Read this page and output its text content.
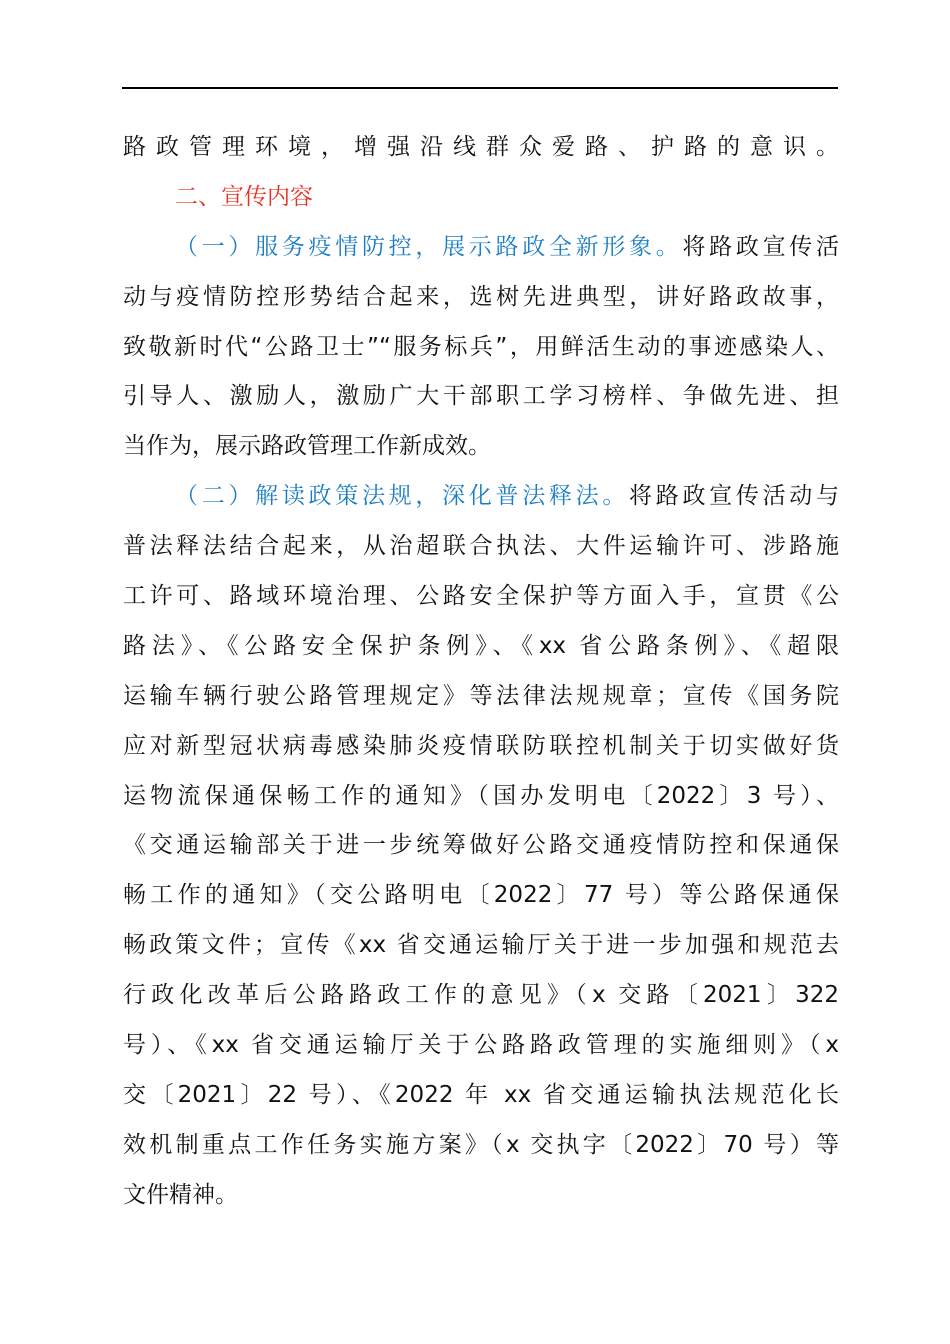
路政管理环境，增强沿线群众爱路、护路的意识。
二、宣传内容
（一）服务疫情防控，展示路政全新形象。将路政宣传活
动与疫情防控形势结合起来，选树先进典型，讲好路政故事，
致敬新时代“公路卫士”“服务标兵”，用鲜活生动的事迹感染人、
引导人、激励人，激励广大干部职工学习榜样、争做先进、担
当作为，展示路政管理工作新成效。
（二）解读政策法规，深化普法释法。将路政宣传活动与
普法释法结合起来，从治超联合执法、大件运输许可、涉路施
工许可、路域环境治理、公路安全保护等方面入手，宣贯《公
路法》、《公路安全保护条例》、《xx 省公路条例》、《超限
运输车辆行驶公路管理规定》等法律法规规章；宣传《国务院
应对新型冠状病毒感染肺炎疫情联防联控机制关于切实做好货
运物流保通保畅工作的通知》（国办发明电〔2022〕3 号）、
《交通运输部关于进一步统筹做好公路交通疫情防控和保通保
畅工作的通知》（交公路明电〔2022〕77 号）等公路保通保
畅政策文件；宣传《xx 省交通运输厅关于进一步加强和规范去
行政化改革后公路路政工作的意见》（x 交路〔2021〕322
号）、《xx 省交通运输厅关于公路路政管理的实施细则》（x
交〔2021〕22 号）、《2022 年 xx 省交通运输执法规范化长
效机制重点工作任务实施方案》（x 交执字〔2022〕70 号）等
文件精神。
